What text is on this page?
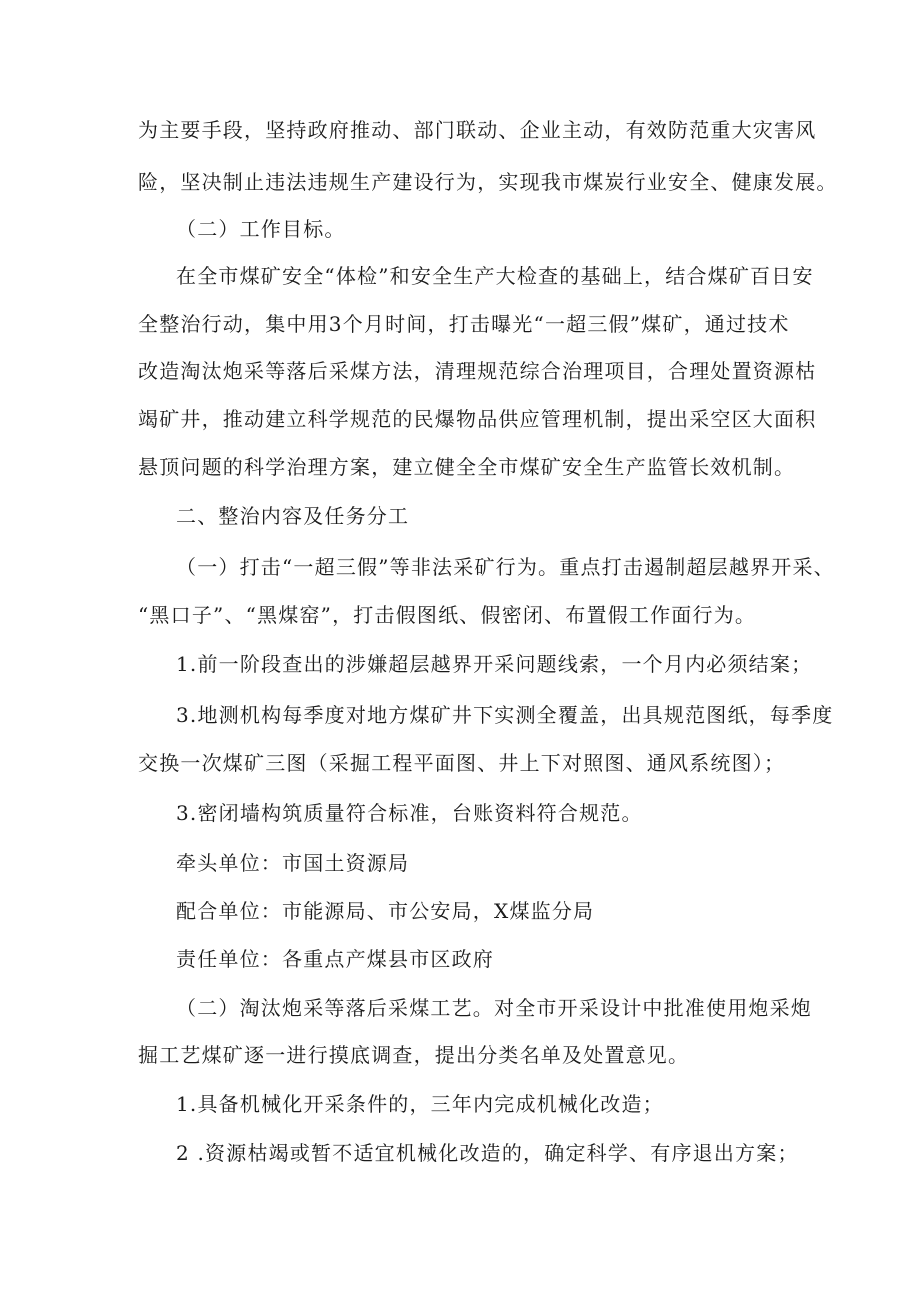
为主要手段，坚持政府推动、部门联动、企业主动，有效防范重大灾害风
险，坚决制止违法违规生产建设行为，实现我市煤炭行业安全、健康发展。
（二）工作目标。
在全市煤矿安全“体检”和安全生产大检查的基础上，结合煤矿百日安
全整治行动，集中用3个月时间，打击曝光“一超三假”煤矿，通过技术
改造淘汰炮采等落后采煤方法，清理规范综合治理项目，合理处置资源枯
竭矿井，推动建立科学规范的民爆物品供应管理机制，提出采空区大面积
悬顶问题的科学治理方案，建立健全全市煤矿安全生产监管长效机制。
二、整治内容及任务分工
（一）打击“一超三假”等非法采矿行为。重点打击遏制超层越界开采、
“黑口子”、“黑煤窑”，打击假图纸、假密闭、布置假工作面行为。
1.前一阶段查出的涉嫌超层越界开采问题线索，一个月内必须结案；
3.地测机构每季度对地方煤矿井下实测全覆盖，出具规范图纸，每季度
交换一次煤矿三图（采掘工程平面图、井上下对照图、通风系统图）；
3.密闭墙构筑质量符合标准，台账资料符合规范。
牵头单位：市国土资源局
配合单位：市能源局、市公安局，X煤监分局
责任单位：各重点产煤县市区政府
（二）淘汰炮采等落后采煤工艺。对全市开采设计中批准使用炮采炮
掘工艺煤矿逐一进行摸底调查，提出分类名单及处置意见。
1.具备机械化开采条件的，三年内完成机械化改造；
2 .资源枯竭或暂不适宜机械化改造的，确定科学、有序退出方案；
